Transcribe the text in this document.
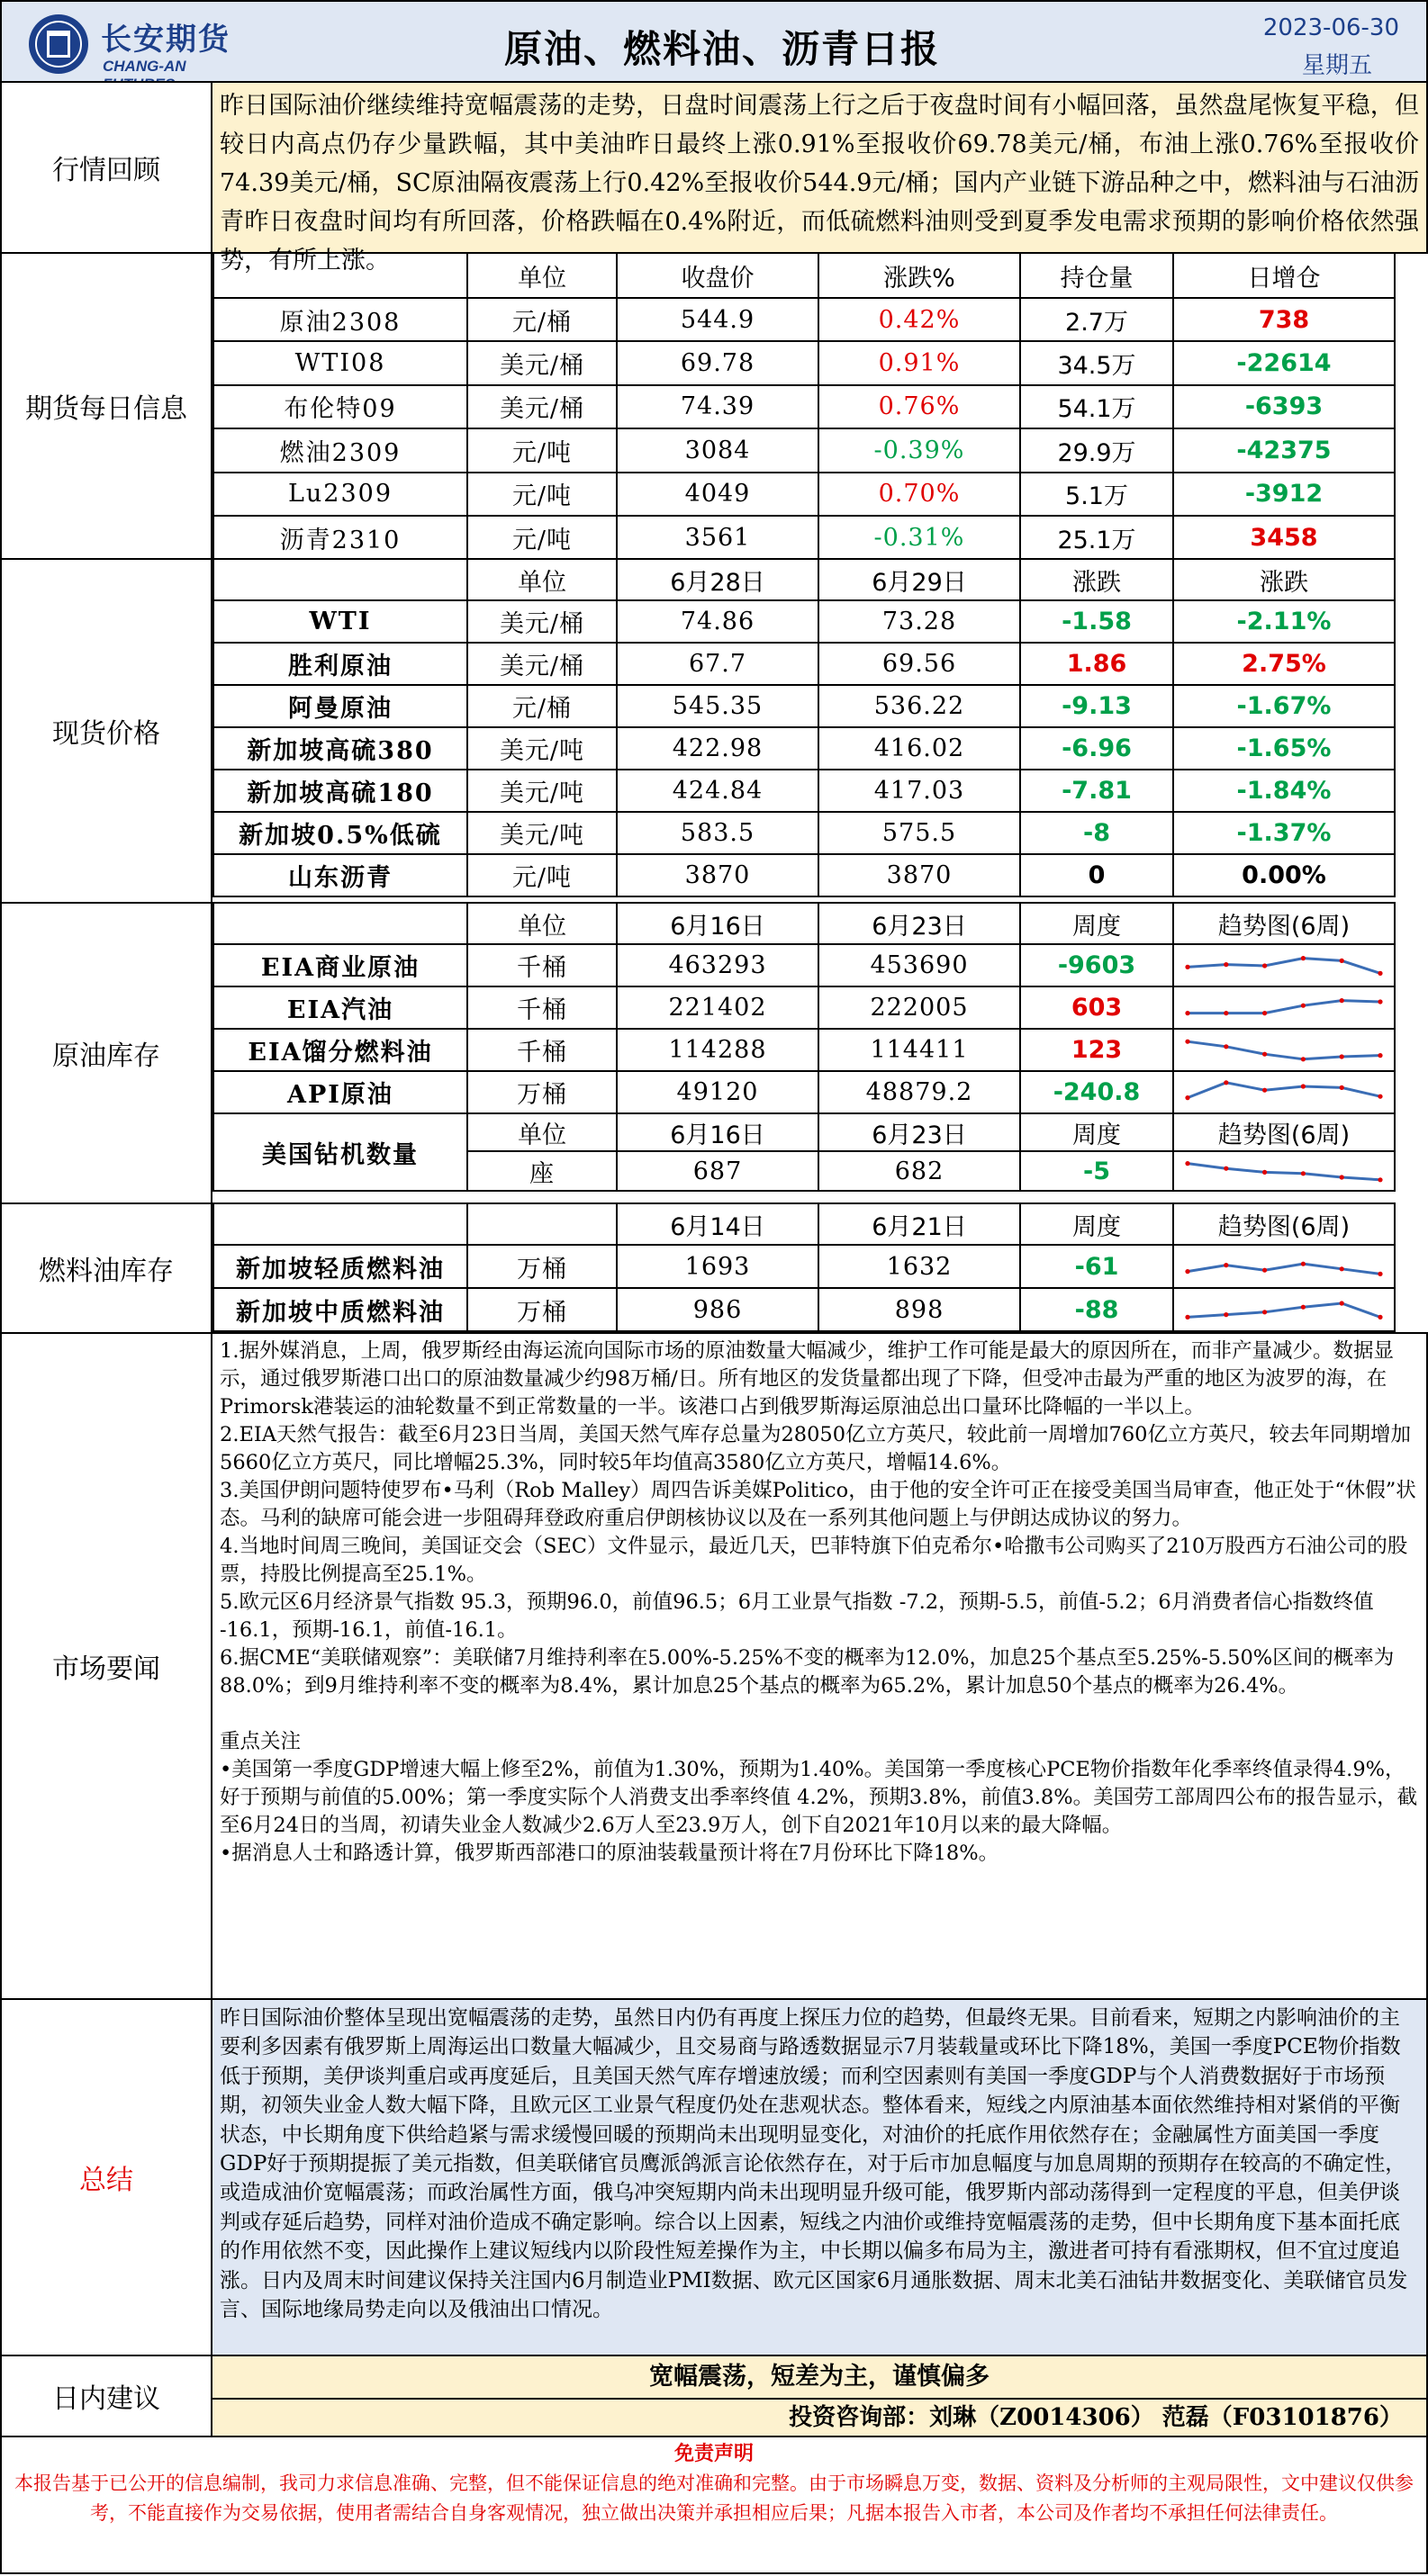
长安期货
CHANG-AN	原油、燃料油、沥青日报	2023-06-30
星期五
行情回顾
昨日国际油价继续维持宽幅震荡的走势，日盘时间震荡上行之后于夜盘时间有小幅回落，虽然盘尾恢复平稳，但较日内高点仍存少量跌幅，其中美油昨日最终上涨0.91%至报收价69.78美元/桶，布油上涨0.76%至报收价74.39美元/桶，SC原油隔夜震荡上行0.42%至报收价544.9元/桶；国内产业链下游品种之中，燃料油与石油沥青昨日夜盘时间均有所回落，价格跌幅在0.4%附近，而低硫燃料油则受到夏季发电需求预期的影响价格依然强势，有所上涨。
期货每日信息
	单位	收盘价	涨跌%	持仓量	日增仓
原油2308	元/桶	544.9	0.42%	2.7万	738
WTI08	美元/桶	69.78	0.91%	34.5万	-22614
布伦特09	美元/桶	74.39	0.76%	54.1万	-6393
燃油2309	元/吨	3084	-0.39%	29.9万	-42375
Lu2309	元/吨	4049	0.70%	5.1万	-3912
沥青2310	元/吨	3561	-0.31%	25.1万	3458
现货价格
	单位	6月28日	6月29日	涨跌	涨跌
WTI	美元/桶	74.86	73.28	-1.58	-2.11%
胜利原油	美元/桶	67.7	69.56	1.86	2.75%
阿曼原油	元/桶	545.35	536.22	-9.13	-1.67%
新加坡高硫380	美元/吨	422.98	416.02	-6.96	-1.65%
新加坡高硫180	美元/吨	424.84	417.03	-7.81	-1.84%
新加坡0.5%低硫	美元/吨	583.5	575.5	-8	-1.37%
山东沥青	元/吨	3870	3870	0	0.00%
原油库存
	单位	6月16日	6月23日	周度	趋势图(6周)
EIA商业原油	千桶	463293	453690	-9603	

EIA汽油	千桶	221402	222005	603	

EIA馏分燃料油	千桶	114288	114411	123	

API原油	万桶	49120	48879.2	-240.8	

美国钻机数量	单位	6月16日	6月23日	周度	趋势图(6周)
	座	687	682	-5	
燃料油库存
		6月14日	6月21日	周度	趋势图(6周)
新加坡轻质燃料油	万桶	1693	1632	-61	

新加坡中质燃料油	万桶	986	898	-88	
市场要闻

1.据外媒消息，上周，俄罗斯经由海运流向国际市场的原油数量大幅减少，维护工作可能是最大的原因所在，而非产量减少。数据显示，通过俄罗斯港口出口的原油数量减少约98万桶/日。所有地区的发货量都出现了下降，但受冲击最为严重的地区为波罗的海，在Primorsk港装运的油轮数量不到正常数量的一半。该港口占到俄罗斯海运原油总出口量环比降幅的一半以上。

2.EIA天然气报告：截至6月23日当周，美国天然气库存总量为28050亿立方英尺，较此前一周增加760亿立方英尺，较去年同期增加5660亿立方英尺，同比增幅25.3%，同时较5年均值高3580亿立方英尺，增幅14.6%。

3.美国伊朗问题特使罗布•马利（Rob Malley）周四告诉美媒Politico，由于他的安全许可正在接受美国当局审查，他正处于“休假”状态。马利的缺席可能会进一步阻碍拜登政府重启伊朗核协议以及在一系列其他问题上与伊朗达成协议的努力。

4.当地时间周三晚间，美国证交会（SEC）文件显示，最近几天，巴菲特旗下伯克希尔•哈撒韦公司购买了210万股西方石油公司的股票，持股比例提高至25.1%。

5.欧元区6月经济景气指数 95.3，预期96.0，前值96.5；6月工业景气指数 -7.2，预期-5.5，前值-5.2；6月消费者信心指数终值 -16.1，预期-16.1，前值-16.1。

6.据CME“美联储观察”：美联储7月维持利率在5.00%-5.25%不变的概率为12.0%，加息25个基点至5.25%-5.50%区间的概率为88.0%；到9月维持利率不变的概率为8.4%，累计加息25个基点的概率为65.2%，累计加息50个基点的概率为26.4%。

重点关注

•美国第一季度GDP增速大幅上修至2%，前值为1.30%，预期为1.40%。美国第一季度核心PCE物价指数年化季率终值录得4.9%，好于预期与前值的5.00%；第一季度实际个人消费支出季率终值 4.2%，预期3.8%，前值3.8%。美国劳工部周四公布的报告显示，截至6月24日的当周，初请失业金人数减少2.6万人至23.9万人，创下自2021年10月以来的最大降幅。

•据消息人士和路透计算，俄罗斯西部港口的原油装载量预计将在7月份环比下降18%。

总结
昨日国际油价整体呈现出宽幅震荡的走势，虽然日内仍有再度上探压力位的趋势，但最终无果。目前看来，短期之内影响油价的主要利多因素有俄罗斯上周海运出口数量大幅减少，且交易商与路透数据显示7月装载量或环比下降18%，美国一季度PCE物价指数低于预期，美伊谈判重启或再度延后，且美国天然气库存增速放缓；而利空因素则有美国一季度GDP与个人消费数据好于市场预期，初领失业金人数大幅下降，且欧元区工业景气程度仍处在悲观状态。整体看来，短线之内原油基本面依然维持相对紧俏的平衡状态，中长期角度下供给趋紧与需求缓慢回暖的预期尚未出现明显变化，对油价的托底作用依然存在；金融属性方面美国一季度GDP好于预期提振了美元指数，但美联储官员鹰派鸽派言论依然存在，对于后市加息幅度与加息周期的预期存在较高的不确定性，或造成油价宽幅震荡；而政治属性方面，俄乌冲突短期内尚未出现明显升级可能，俄罗斯内部动荡得到一定程度的平息，但美伊谈判或存延后趋势，同样对油价造成不确定影响。综合以上因素，短线之内油价或维持宽幅震荡的走势，但中长期角度下基本面托底的作用依然不变，因此操作上建议短线内以阶段性短差操作为主，中长期以偏多布局为主，激进者可持有看涨期权，但不宜过度追涨。日内及周末时间建议保持关注国内6月制造业PMI数据、欧元区国家6月通胀数据、周末北美石油钻井数据变化、美联储官员发言、国际地缘局势走向以及俄油出口情况。
日内建议
宽幅震荡，短差为主，谨慎偏多
投资咨询部：刘琳（Z0014306） 范磊（F03101876）
免责声明
本报告基于已公开的信息编制，我司力求信息准确、完整，但不能保证信息的绝对准确和完整。由于市场瞬息万变，数据、资料及分析师的主观局限性，文中建议仅供参考，不能直接作为交易依据，使用者需结合自身客观情况，独立做出决策并承担相应后果；凡据本报告入市者，本公司及作者均不承担任何法律责任。
